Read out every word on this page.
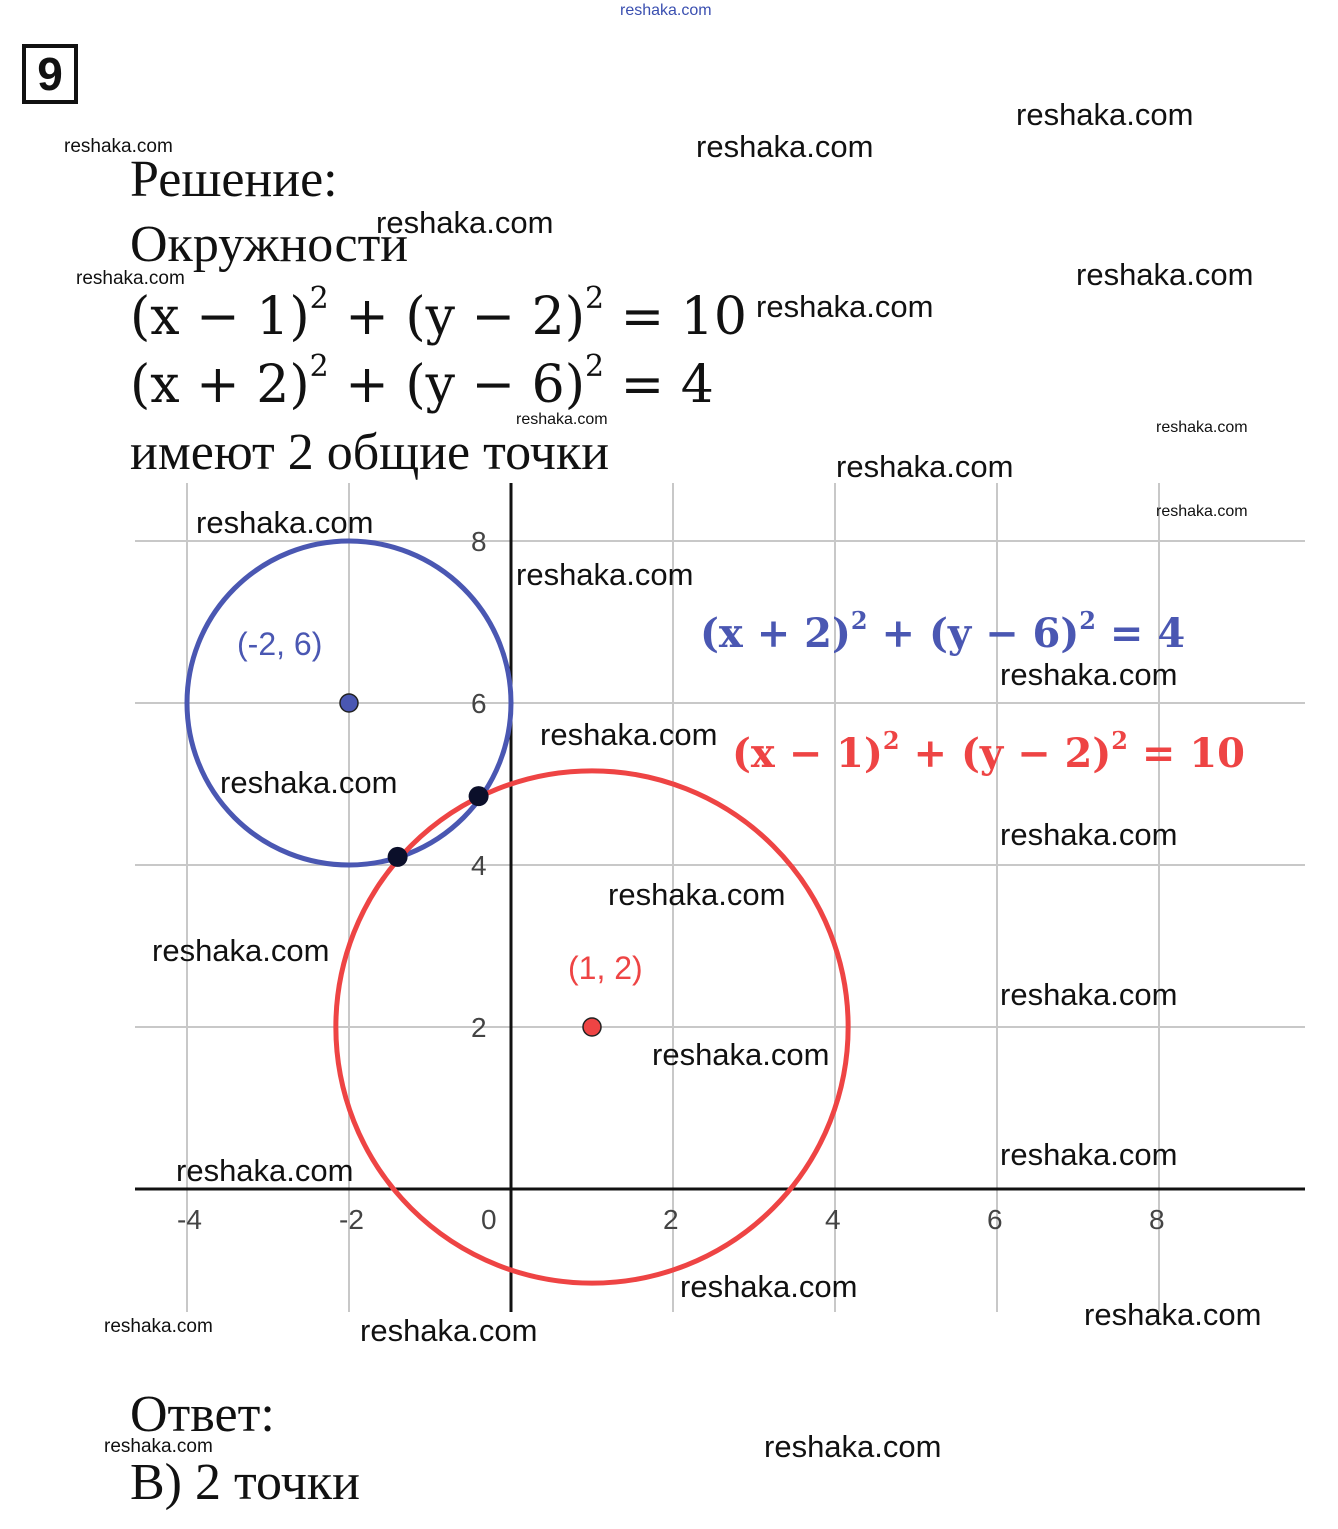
reshaka.com
9
Решение:
Окружности
$(x - 1)^2 + (y - 2)^2 = 10$
$(x + 2)^2 + (y - 6)^2 = 4$
имеют 2 общие точки
-4	-2	0	2	4	6	8
2
4
6
8
(-2, 6)
(1, 2)
$(x + 2)^2 + (y - 6)^2 = 4$
$(x - 1)^2 + (y - 2)^2 = 10$
Ответ:
В) 2 точки
reshaka.com
reshaka.com	reshaka.com
reshaka.com
reshaka.com
reshaka.com
reshaka.com
reshaka.com	reshaka.com
reshaka.com
reshaka.com
reshaka.com
reshaka.com
reshaka.com
reshaka.com
reshaka.com
reshaka.com
reshaka.com
reshaka.com
reshaka.com
reshaka.com
reshaka.com
reshaka.com
reshaka.com
reshaka.com
reshaka.com	reshaka.com
reshaka.com	reshaka.com
